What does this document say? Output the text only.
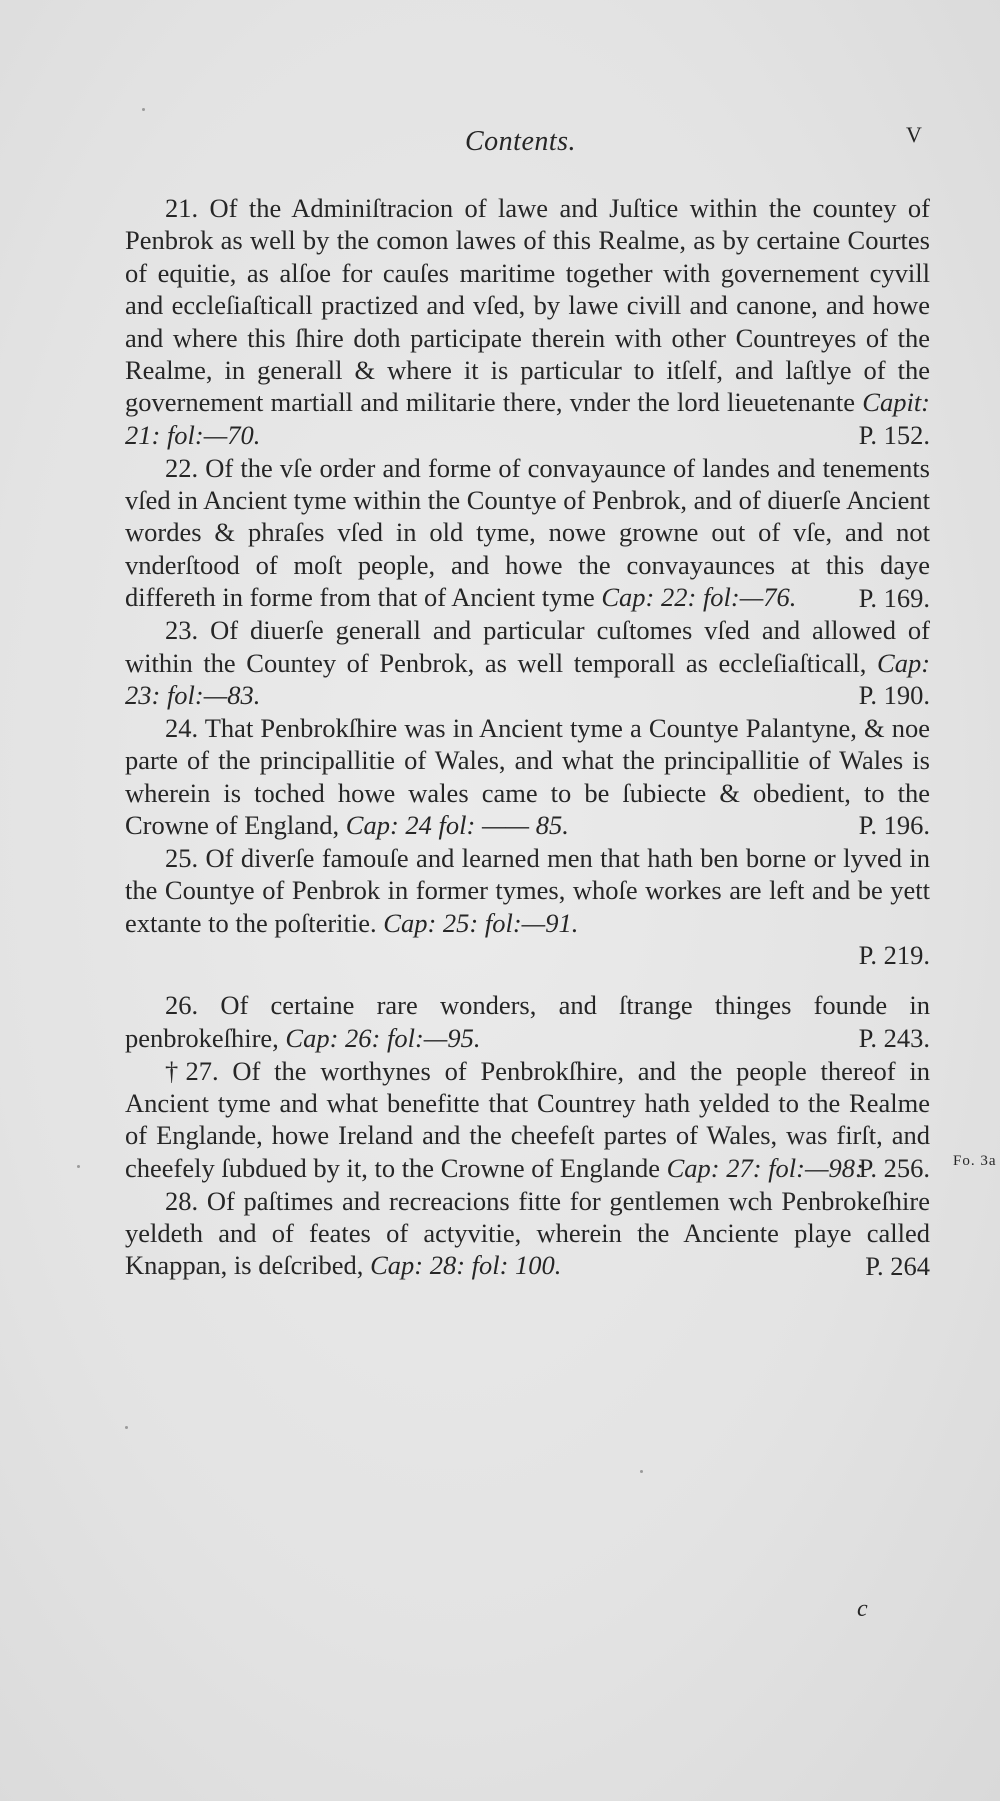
Contents.	V

21. Of the Adminiſtracion of lawe and Juſtice within the countey of Penbrok as well by the comon lawes of this Realme, as by certaine Courtes of equitie, as alſoe for cauſes maritime together with governement cyvill and eccleſiaſticall practized and vſed, by lawe civill and canone, and howe and where this ſhire doth participate therein with other Countreyes of the Realme, in generall & where it is particular to itſelf, and laſtlye of the governement martiall and militarie there, vnder the lord lieuetenante Capit: 21: fol:—70.	P. 152.

22. Of the vſe order and forme of convayaunce of landes and tenements vſed in Ancient tyme within the Countye of Penbrok, and of diuerſe Ancient wordes & phraſes vſed in old tyme, nowe growne out of vſe, and not vnderſtood of moſt people, and howe the convayaunces at this daye differeth in forme from that of Ancient tyme Cap: 22: fol:—76.	P. 169.

23. Of diuerſe generall and particular cuſtomes vſed and allowed of within the Countey of Penbrok, as well temporall as eccleſiaſticall, Cap: 23: fol:—83.	P. 190.

24. That Penbrokſhire was in Ancient tyme a Countye Palantyne, & noe parte of the principallitie of Wales, and what the principallitie of Wales is wherein is toched howe wales came to be ſubiecte & obedient, to the Crowne of England, Cap: 24 fol: —— 85.	P. 196.

25. Of diverſe famouſe and learned men that hath ben borne or lyved in the Countye of Penbrok in former tymes, whoſe workes are left and be yett extante to the poſteritie. Cap: 25: fol:—91.
P. 219.

26. Of certaine rare wonders, and ſtrange thinges founde in penbrokeſhire, Cap: 26: fol:—95.	P. 243.

†27. Of the worthynes of Penbrokſhire, and the people thereof in Ancient tyme and what benefitte that Countrey hath yelded to the Realme of Englande, howe Ireland and the cheefeſt partes of Wales, was firſt, and cheefely ſubdued by it, to the Crowne of Englande Cap: 27: fol:—98:
P. 256.

28. Of paſtimes and recreacions fitte for gentlemen wch Penbrokeſhire yeldeth and of feates of actyvitie, wherein the Anciente playe called Knappan, is deſcribed, Cap: 28: fol: 100.	P. 264

Fo. 3a
c
